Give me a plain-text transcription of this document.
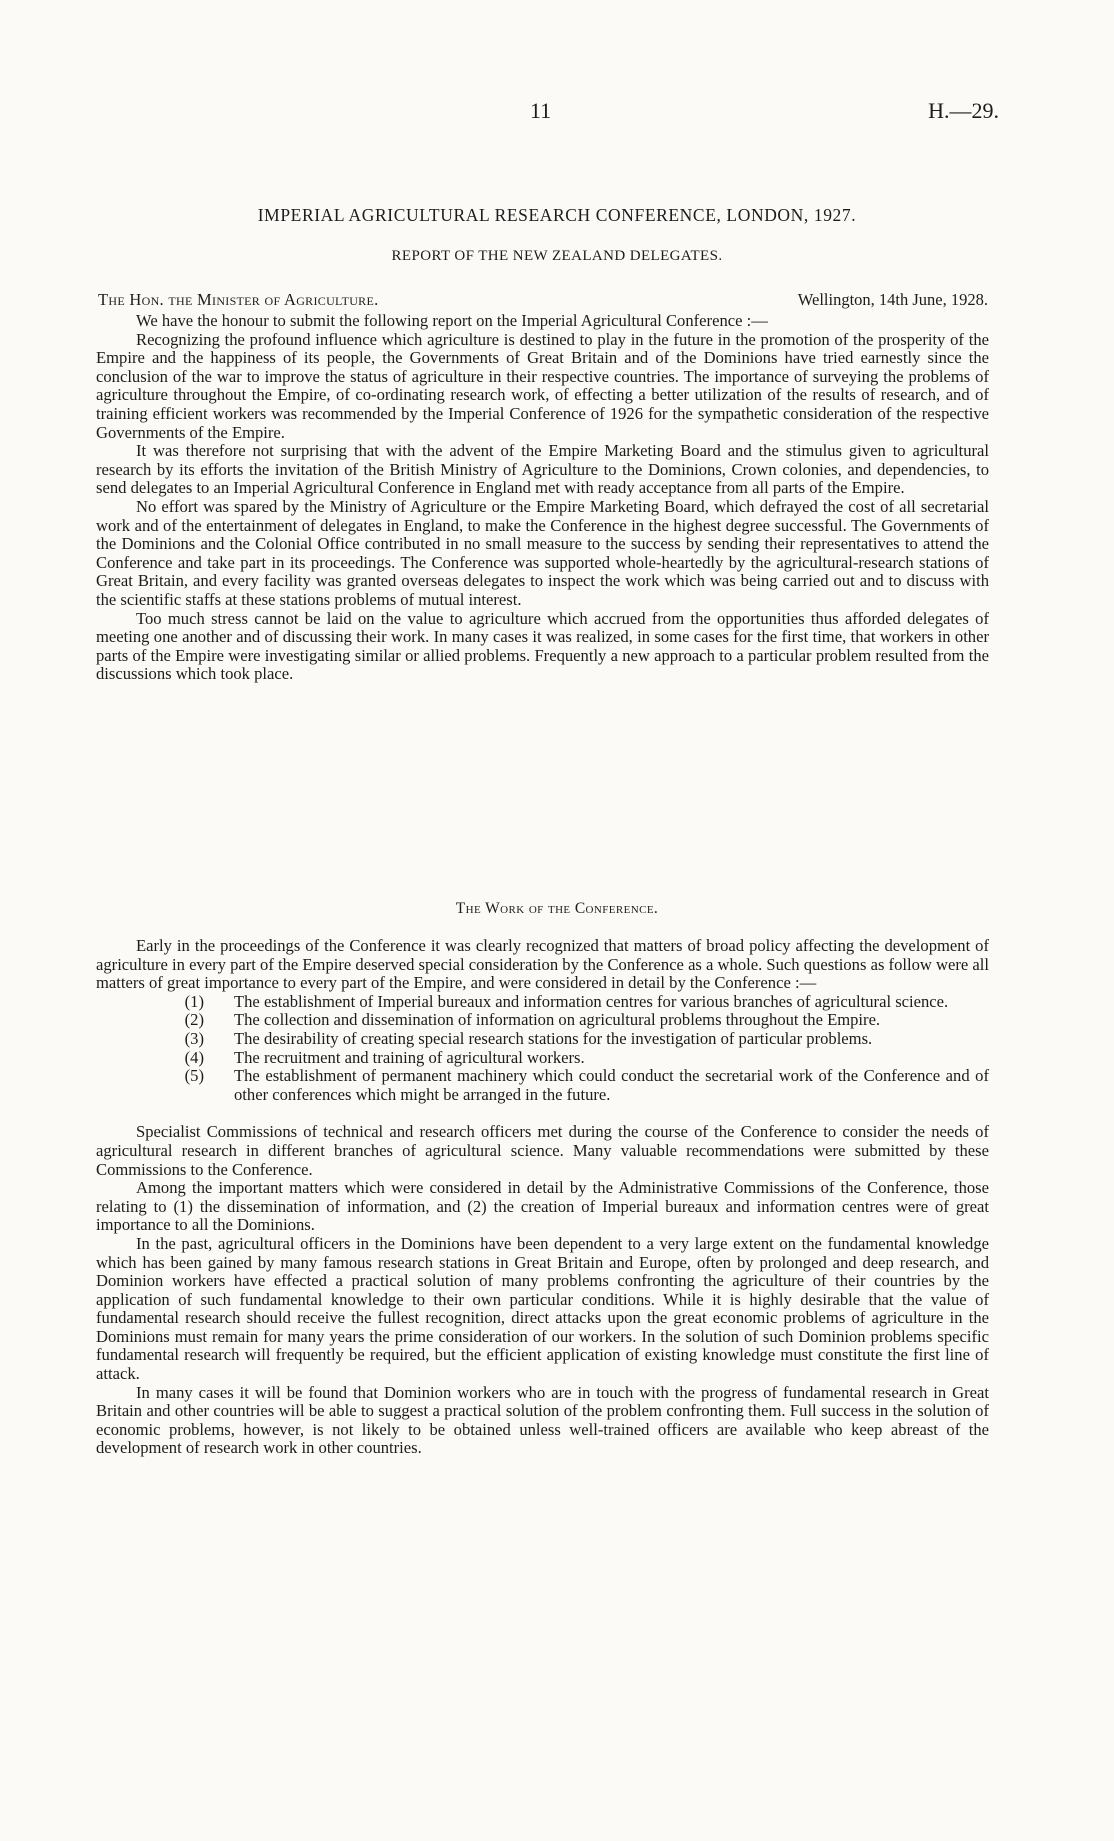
11	H.—29.
IMPERIAL AGRICULTURAL RESEARCH CONFERENCE, LONDON, 1927.
REPORT OF THE NEW ZEALAND DELEGATES.
The Hon. the Minister of Agriculture.	Wellington, 14th June, 1928.

We have the honour to submit the following report on the Imperial Agricultural Conference :—

Recognizing the profound influence which agriculture is destined to play in the future in the promotion of the prosperity of the Empire and the happiness of its people, the Governments of Great Britain and of the Dominions have tried earnestly since the conclusion of the war to improve the status of agriculture in their respective countries. The importance of surveying the problems of agriculture throughout the Empire, of co-ordinating research work, of effecting a better utilization of the results of research, and of training efficient workers was recommended by the Imperial Conference of 1926 for the sympathetic consideration of the respective Governments of the Empire.

It was therefore not surprising that with the advent of the Empire Marketing Board and the stimulus given to agricultural research by its efforts the invitation of the British Ministry of Agriculture to the Dominions, Crown colonies, and dependencies, to send delegates to an Imperial Agricultural Conference in England met with ready acceptance from all parts of the Empire.

No effort was spared by the Ministry of Agriculture or the Empire Marketing Board, which defrayed the cost of all secretarial work and of the entertainment of delegates in England, to make the Conference in the highest degree successful. The Governments of the Dominions and the Colonial Office contributed in no small measure to the success by sending their representatives to attend the Conference and take part in its proceedings. The Conference was supported whole-heartedly by the agricultural-research stations of Great Britain, and every facility was granted overseas delegates to inspect the work which was being carried out and to discuss with the scientific staffs at these stations problems of mutual interest.

Too much stress cannot be laid on the value to agriculture which accrued from the opportunities thus afforded delegates of meeting one another and of discussing their work. In many cases it was realized, in some cases for the first time, that workers in other parts of the Empire were investigating similar or allied problems. Frequently a new approach to a particular problem resulted from the discussions which took place.

The Work of the Conference.

Early in the proceedings of the Conference it was clearly recognized that matters of broad policy affecting the development of agriculture in every part of the Empire deserved special consideration by the Conference as a whole. Such questions as follow were all matters of great importance to every part of the Empire, and were considered in detail by the Conference :—

(1) The establishment of Imperial bureaux and information centres for various branches of agricultural science.
(2) The collection and dissemination of information on agricultural problems throughout the Empire.
(3) The desirability of creating special research stations for the investigation of particular problems.
(4) The recruitment and training of agricultural workers.
(5) The establishment of permanent machinery which could conduct the secretarial work of the Conference and of other conferences which might be arranged in the future.

Specialist Commissions of technical and research officers met during the course of the Conference to consider the needs of agricultural research in different branches of agricultural science. Many valuable recommendations were submitted by these Commissions to the Conference.

Among the important matters which were considered in detail by the Administrative Commissions of the Conference, those relating to (1) the dissemination of information, and (2) the creation of Imperial bureaux and information centres were of great importance to all the Dominions.

In the past, agricultural officers in the Dominions have been dependent to a very large extent on the fundamental knowledge which has been gained by many famous research stations in Great Britain and Europe, often by prolonged and deep research, and Dominion workers have effected a practical solution of many problems confronting the agriculture of their countries by the application of such fundamental knowledge to their own particular conditions. While it is highly desirable that the value of fundamental research should receive the fullest recognition, direct attacks upon the great economic problems of agriculture in the Dominions must remain for many years the prime consideration of our workers. In the solution of such Dominion problems specific fundamental research will frequently be required, but the efficient application of existing knowledge must constitute the first line of attack.

In many cases it will be found that Dominion workers who are in touch with the progress of fundamental research in Great Britain and other countries will be able to suggest a practical solution of the problem confronting them. Full success in the solution of economic problems, however, is not likely to be obtained unless well-trained officers are available who keep abreast of the development of research work in other countries.
